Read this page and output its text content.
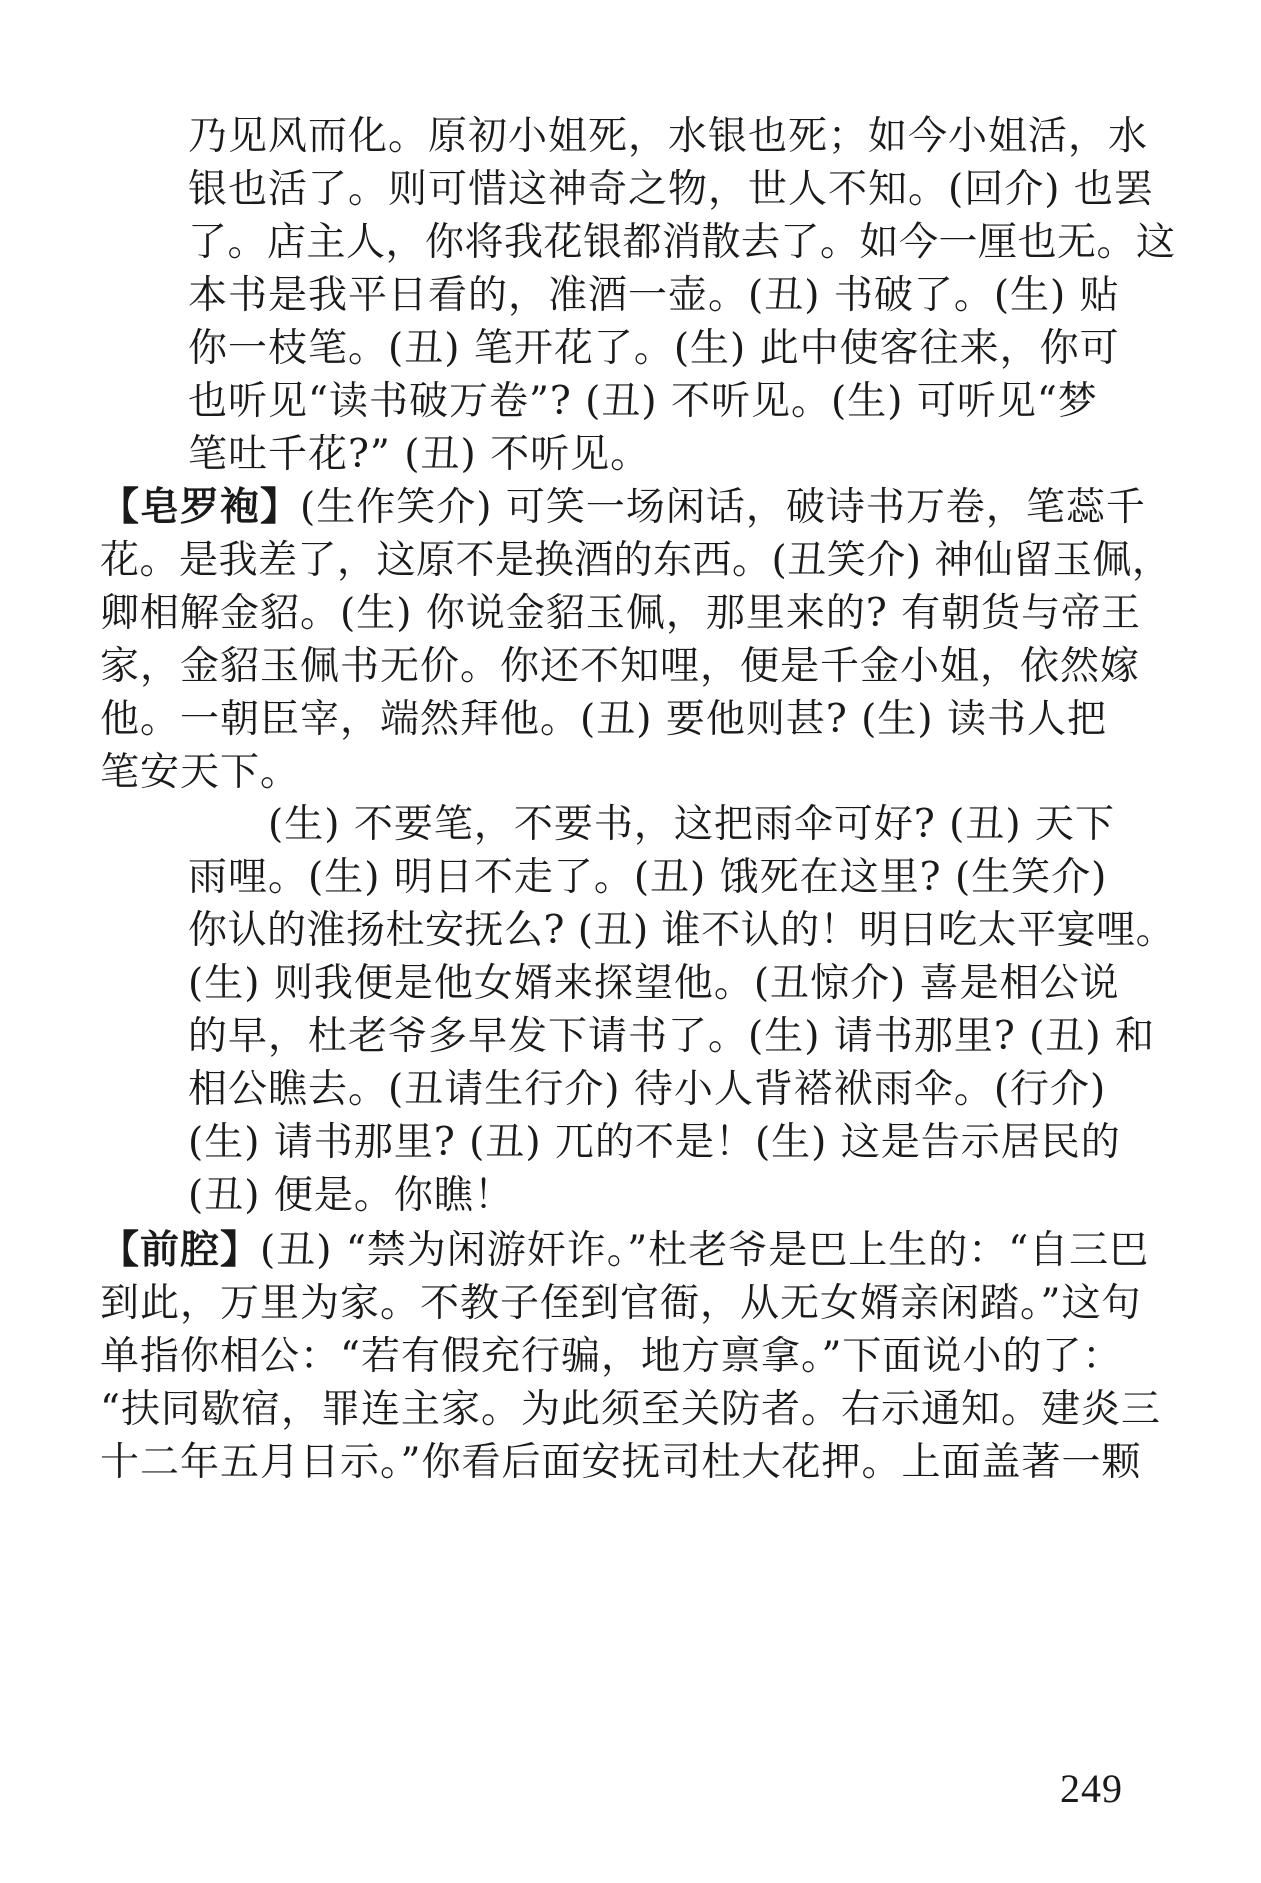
乃见风而化。原初小姐死，水银也死；如今小姐活，水
银也活了。则可惜这神奇之物，世人不知。(回介) 也罢
了。店主人，你将我花银都消散去了。如今一厘也无。这
本书是我平日看的，准酒一壶。(丑) 书破了。(生) 贴
你一枝笔。(丑) 笔开花了。(生) 此中使客往来，你可
也听见“读书破万卷”? (丑) 不听见。(生) 可听见“梦
笔吐千花?” (丑) 不听见。
【皂罗袍】(生作笑介) 可笑一场闲话，破诗书万卷，笔蕊千
花。是我差了，这原不是换酒的东西。(丑笑介) 神仙留玉佩，
卿相解金貂。(生) 你说金貂玉佩，那里来的? 有朝货与帝王
家，金貂玉佩书无价。你还不知哩，便是千金小姐，依然嫁
他。一朝臣宰，端然拜他。(丑) 要他则甚? (生) 读书人把
笔安天下。
(生) 不要笔，不要书，这把雨伞可好? (丑) 天下
雨哩。(生) 明日不走了。(丑) 饿死在这里? (生笑介)
你认的淮扬杜安抚么? (丑) 谁不认的！明日吃太平宴哩。
(生) 则我便是他女婿来探望他。(丑惊介) 喜是相公说
的早，杜老爷多早发下请书了。(生) 请书那里? (丑) 和
相公瞧去。(丑请生行介) 待小人背褡袱雨伞。(行介)
(生) 请书那里? (丑) 兀的不是！(生) 这是告示居民的
(丑) 便是。你瞧！
【前腔】(丑) “禁为闲游奸诈。”杜老爷是巴上生的：“自三巴
到此，万里为家。不教子侄到官衙，从无女婿亲闲踏。”这句
单指你相公：“若有假充行骗，地方禀拿。”下面说小的了：
“扶同歇宿，罪连主家。为此须至关防者。右示通知。建炎三
十二年五月日示。”你看后面安抚司杜大花押。上面盖著一颗
249
